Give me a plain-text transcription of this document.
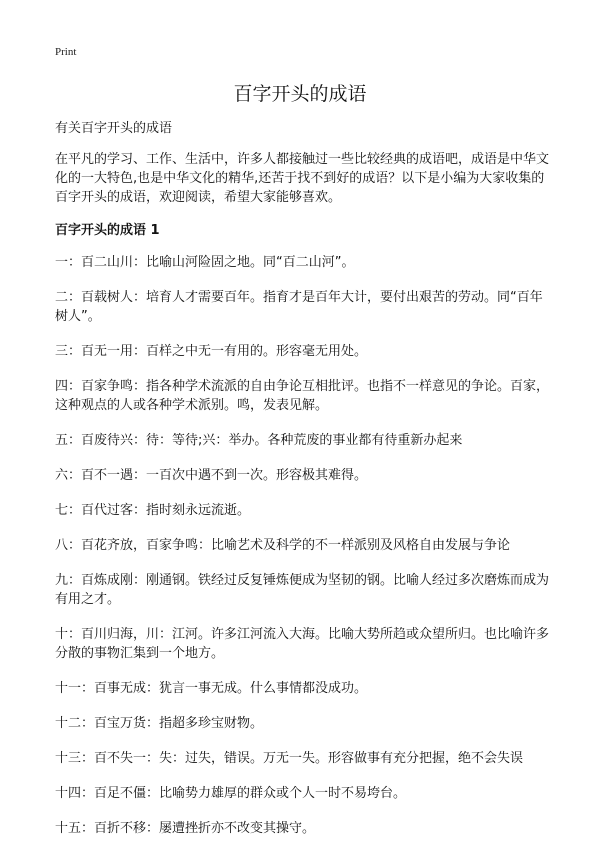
Print
百字开头的成语

有关百字开头的成语

在平凡的学习、工作、生活中，许多人都接触过一些比较经典的成语吧，成语是中华文化的一大特色,也是中华文化的精华,还苦于找不到好的成语？以下是小编为大家收集的百字开头的成语，欢迎阅读，希望大家能够喜欢。

百字开头的成语 1

一：百二山川：比喻山河险固之地。同“百二山河”。
二：百载树人：培育人才需要百年。指育才是百年大计，要付出艰苦的劳动。同“百年树人”。
三：百无一用：百样之中无一有用的。形容毫无用处。
四：百家争鸣：指各种学术流派的自由争论互相批评。也指不一样意见的争论。百家，这种观点的人或各种学术派别。鸣，发表见解。
五：百废待兴：待：等待;兴：举办。各种荒废的事业都有待重新办起来
六：百不一遇：一百次中遇不到一次。形容极其难得。
七：百代过客：指时刻永远流逝。
八：百花齐放，百家争鸣：比喻艺术及科学的不一样派别及风格自由发展与争论
九：百炼成刚：刚通钢。铁经过反复锤炼便成为坚韧的钢。比喻人经过多次磨炼而成为有用之才。
十：百川归海，川：江河。许多江河流入大海。比喻大势所趋或众望所归。也比喻许多分散的事物汇集到一个地方。
十一：百事无成：犹言一事无成。什么事情都没成功。
十二：百宝万货：指超多珍宝财物。
十三：百不失一：失：过失，错误。万无一失。形容做事有充分把握，绝不会失误
十四：百足不僵：比喻势力雄厚的群众或个人一时不易垮台。
十五：百折不移：屡遭挫折亦不改变其操守。
